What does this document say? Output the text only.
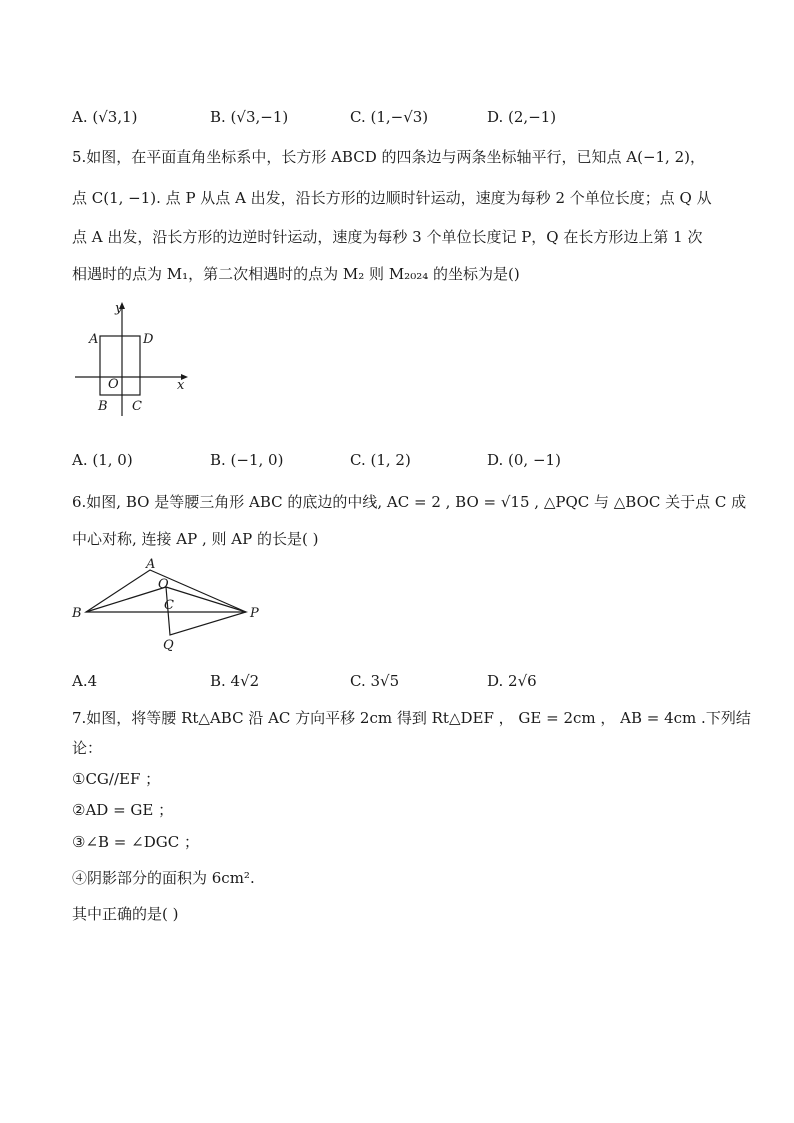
A. (√3,1)	B. (√3,−1)	C. (1,−√3)	D. (2,−1)
5.如图，在平面直角坐标系中，长方形 ABCD 的四条边与两条坐标轴平行，已知点 A(−1, 2)，
点 C(1, −1). 点 P 从点 A 出发，沿长方形的边顺时针运动，速度为每秒 2 个单位长度；点 Q 从
点 A 出发，沿长方形的边逆时针运动，速度为每秒 3 个单位长度记 P，Q 在长方形边上第 1 次
相遇时的点为 M₁，第二次相遇时的点为 M₂ 则 M₂₀₂₄ 的坐标为是()
y
x
A	D
O
B C
A. (1, 0)	B. (−1, 0)	C. (1, 2)	D. (0, −1)
6.如图, BO 是等腰三角形 ABC 的底边的中线, AC = 2 , BO = √15 , △PQC 与 △BOC 关于点 C 成
中心对称, 连接 AP , 则 AP 的长是( )
A
O
C
B	P
Q
A.4	B. 4√2	C. 3√5	D. 2√6
7.如图，将等腰 Rt△ABC 沿 AC 方向平移 2cm 得到 Rt△DEF ， GE = 2cm ， AB = 4cm .下列结
论：
①CG//EF ；
②AD = GE ；
③∠B = ∠DGC ；
④阴影部分的面积为 6cm².
其中正确的是( )
